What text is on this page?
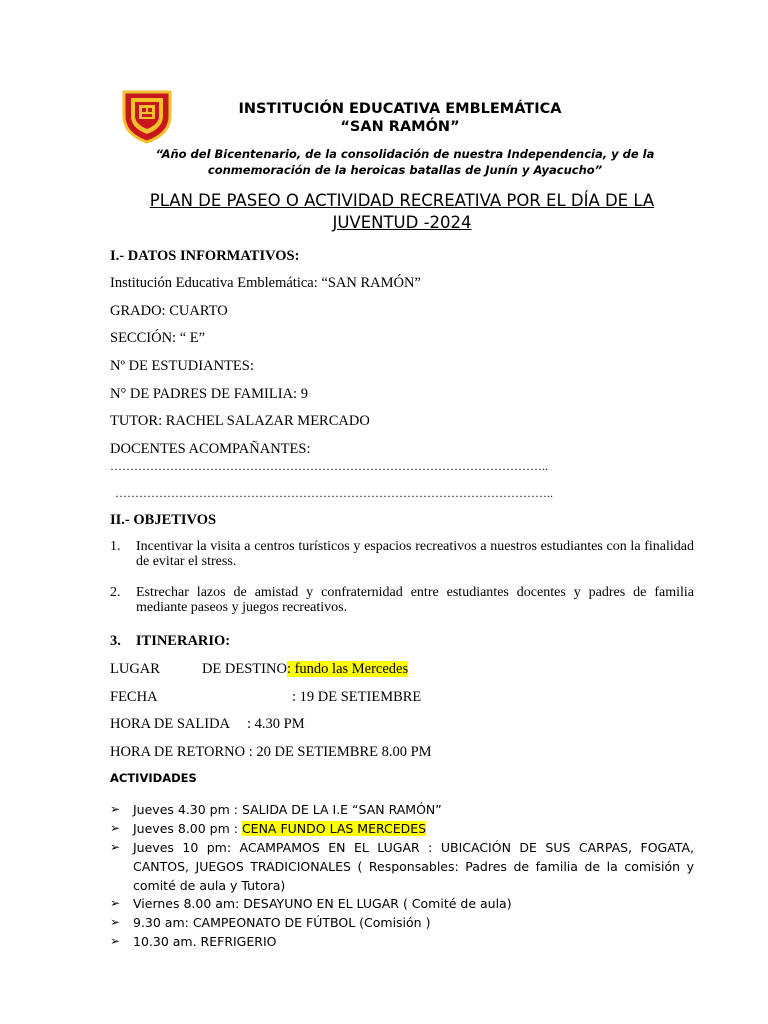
INSTITUCIÓN EDUCATIVA EMBLEMÁTICA
“SAN RAMÓN”
“Año del Bicentenario, de la consolidación de nuestra Independencia, y de la conmemoración de la heroicas batallas de Junín y Ayacucho”
PLAN DE PASEO O ACTIVIDAD RECREATIVA POR EL DÍA DE LA
JUVENTUD -2024
I.- DATOS INFORMATIVOS:
Institución Educativa Emblemática: “SAN RAMÓN”
GRADO: CUARTO
SECCIÓN: “ E”
Nº DE ESTUDIANTES:
N° DE PADRES DE FAMILIA: 9
TUTOR: RACHEL SALAZAR MERCADO
DOCENTES ACOMPAÑANTES:
………………………………………………………………………………………………..
………………………………………………………………………………………………..
II.- OBJETIVOS
1.	Incentivar la visita a centros turísticos y espacios recreativos a nuestros estudiantes con la finalidad de evitar el stress.
2.	Estrechar lazos de amistad y confraternidad entre estudiantes docentes y padres de familia mediante paseos y juegos recreativos.
3. ITINERARIO:
LUGAR	DE DESTINO: fundo las Mercedes
FECHA	: 19 DE SETIEMBRE
HORA DE SALIDA : 4.30 PM
HORA DE RETORNO : 20 DE SETIEMBRE 8.00 PM
ACTIVIDADES
➢	Jueves 4.30 pm : SALIDA DE LA I.E “SAN RAMÓN”
➢	Jueves 8.00 pm : CENA FUNDO LAS MERCEDES
➢	Jueves 10 pm: ACAMPAMOS EN EL LUGAR : UBICACIÓN DE SUS CARPAS, FOGATA, CANTOS, JUEGOS TRADICIONALES ( Responsables: Padres de familia de la comisión y comité de aula y Tutora)
➢	Viernes 8.00 am: DESAYUNO EN EL LUGAR ( Comité de aula)
➢	9.30 am: CAMPEONATO DE FÚTBOL (Comisión )
➢	10.30 am. REFRIGERIO
